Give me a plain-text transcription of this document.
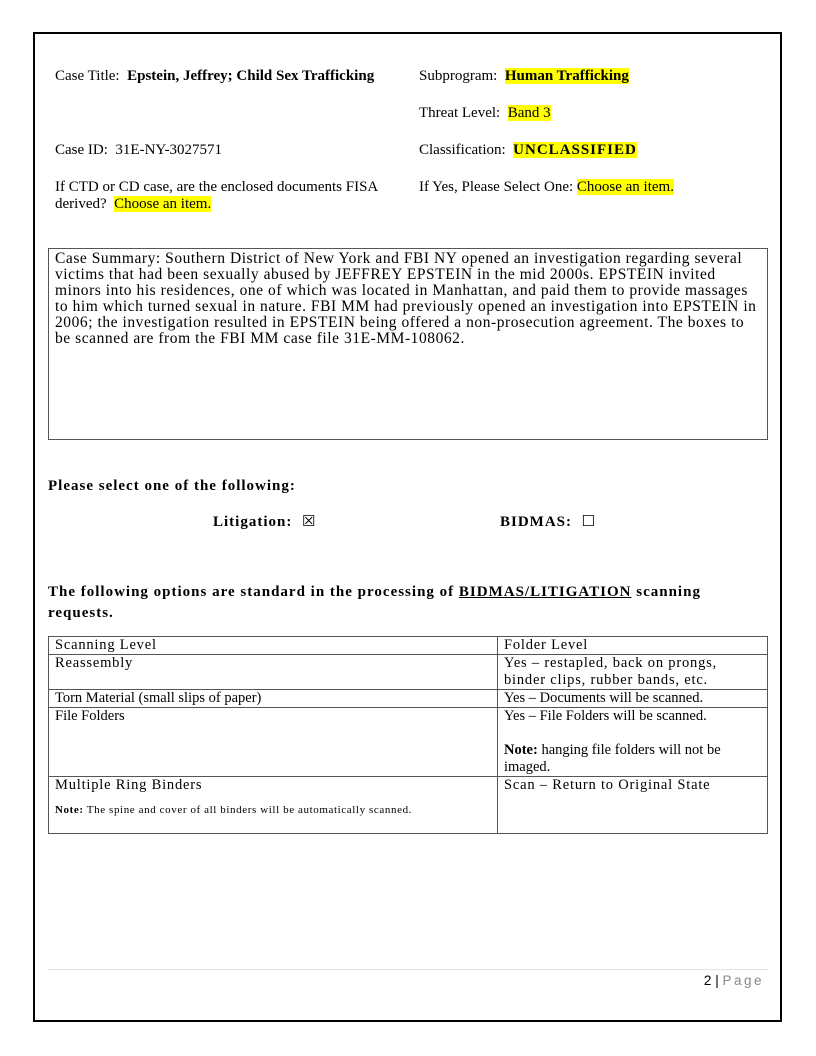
Case Title: Epstein, Jeffrey; Child Sex Trafficking	Subprogram: Human Trafficking
Threat Level: Band 3
Case ID: 31E-NY-3027571	Classification: UNCLASSIFIED
If CTD or CD case, are the enclosed documents FISA derived? Choose an item.
If Yes, Please Select One: Choose an item.
Case Summary: Southern District of New York and FBI NY opened an investigation regarding several victims that had been sexually abused by JEFFREY EPSTEIN in the mid 2000s. EPSTEIN invited minors into his residences, one of which was located in Manhattan, and paid them to provide massages to him which turned sexual in nature. FBI MM had previously opened an investigation into EPSTEIN in 2006; the investigation resulted in EPSTEIN being offered a non-prosecution agreement. The boxes to be scanned are from the FBI MM case file 31E-MM-108062.
Please select one of the following:
Litigation: ☒	BIDMAS: ☐
The following options are standard in the processing of BIDMAS/LITIGATION scanning requests.
Scanning Level	Folder Level
Reassembly	Yes – restapled, back on prongs, binder clips, rubber bands, etc.
Torn Material (small slips of paper)	Yes – Documents will be scanned.
File Folders	Yes – File Folders will be scanned.
Note: hanging file folders will not be imaged.

Multiple Ring Binders
Note: The spine and cover of all binders will be automatically scanned.	Scan – Return to Original State
2 | Page
